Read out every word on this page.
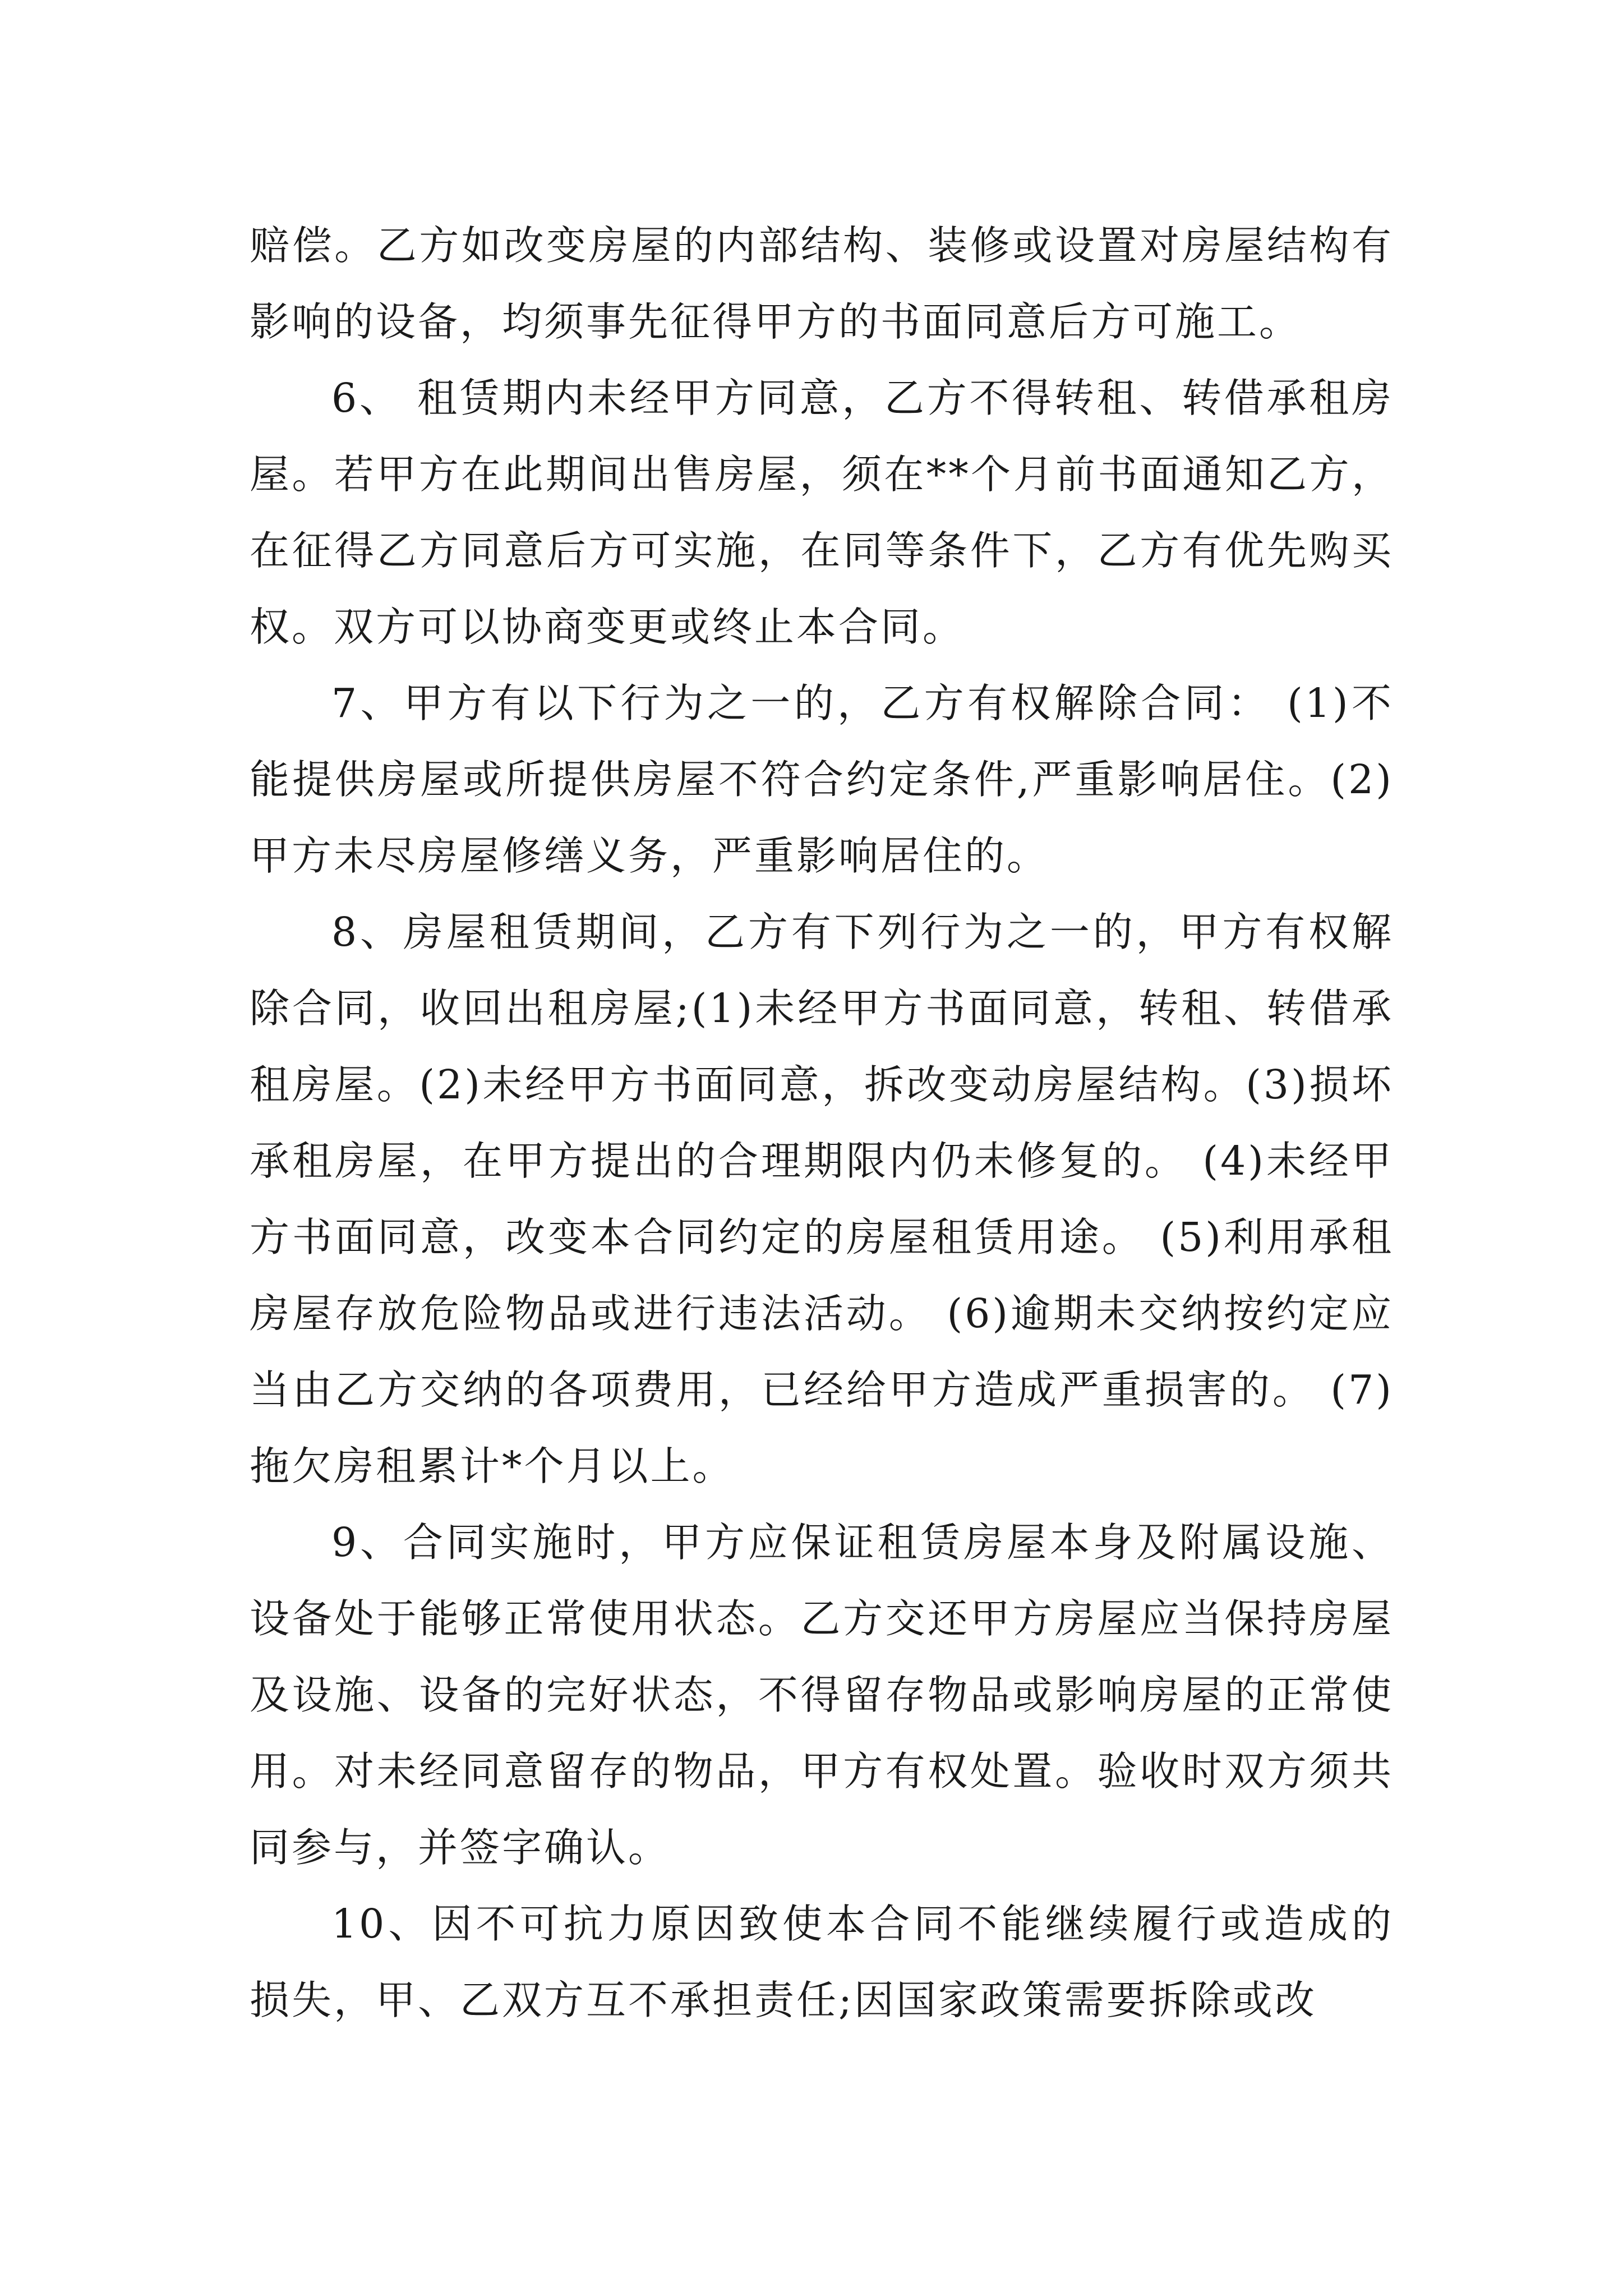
赔偿。乙方如改变房屋的内部结构、装修或设置对房屋结构有影响的设备，均须事先征得甲方的书面同意后方可施工。

6、 租赁期内未经甲方同意，乙方不得转租、转借承租房屋。若甲方在此期间出售房屋，须在**个月前书面通知乙方，在征得乙方同意后方可实施，在同等条件下，乙方有优先购买权。双方可以协商变更或终止本合同。

7、甲方有以下行为之一的，乙方有权解除合同： (1)不能提供房屋或所提供房屋不符合约定条件,严重影响居住。(2)甲方未尽房屋修缮义务，严重影响居住的。

8、房屋租赁期间，乙方有下列行为之一的，甲方有权解除合同，收回出租房屋;(1)未经甲方书面同意，转租、转借承租房屋。(2)未经甲方书面同意，拆改变动房屋结构。(3)损坏承租房屋，在甲方提出的合理期限内仍未修复的。 (4)未经甲方书面同意，改变本合同约定的房屋租赁用途。 (5)利用承租房屋存放危险物品或进行违法活动。 (6)逾期未交纳按约定应当由乙方交纳的各项费用，已经给甲方造成严重损害的。 (7)拖欠房租累计*个月以上。

9、合同实施时，甲方应保证租赁房屋本身及附属设施、设备处于能够正常使用状态。乙方交还甲方房屋应当保持房屋及设施、设备的完好状态，不得留存物品或影响房屋的正常使用。对未经同意留存的物品，甲方有权处置。验收时双方须共同参与，并签字确认。

10、因不可抗力原因致使本合同不能继续履行或造成的损失，甲、乙双方互不承担责任;因国家政策需要拆除或改
